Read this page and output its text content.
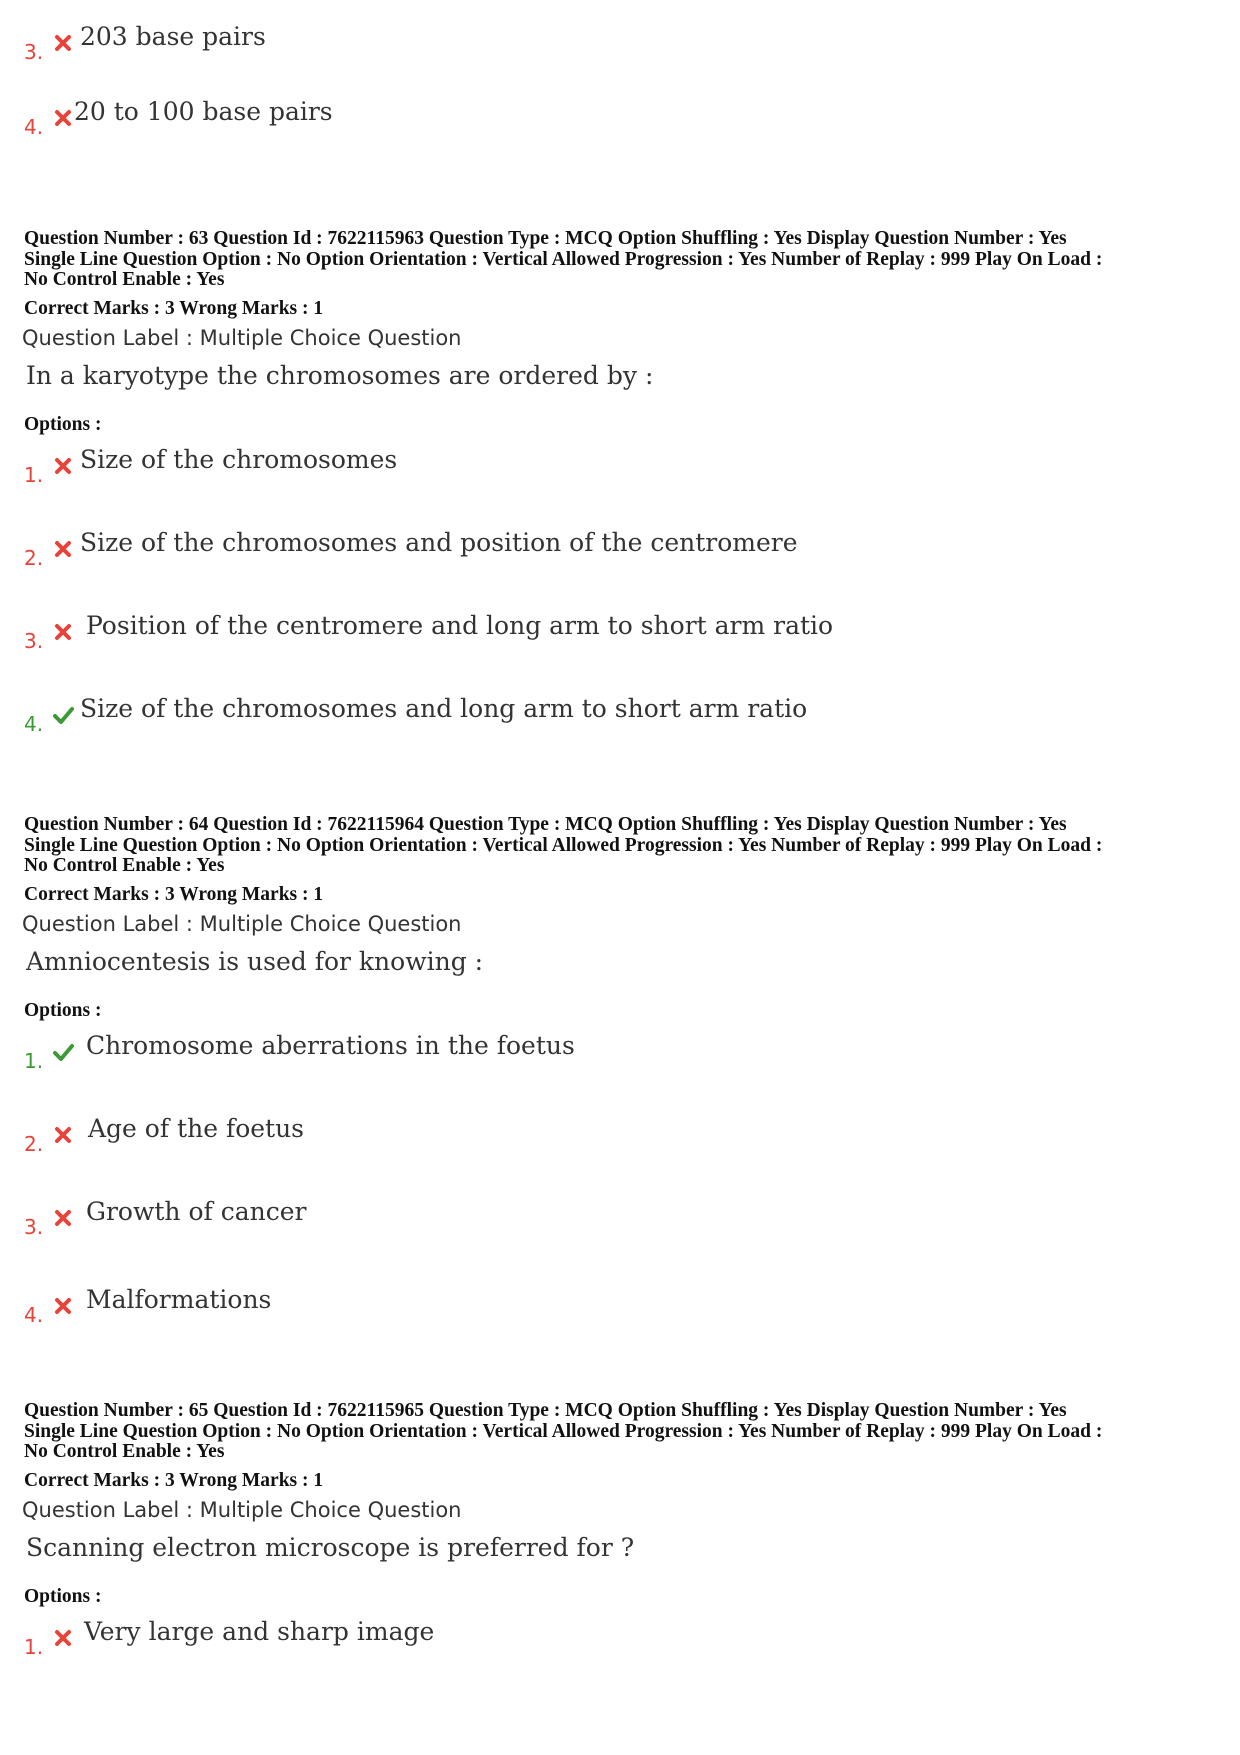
3.
203 base pairs
4.
20 to 100 base pairs
Question Number : 63 Question Id : 7622115963 Question Type : MCQ Option Shuffling : Yes Display Question Number : Yes
Single Line Question Option : No Option Orientation : Vertical Allowed Progression : Yes Number of Replay : 999 Play On Load :
No Control Enable : Yes
Correct Marks : 3 Wrong Marks : 1
Question Label : Multiple Choice Question
In a karyotype the chromosomes are ordered by :
Options :
1.
Size of the chromosomes
2.
Size of the chromosomes and position of the centromere
3.
Position of the centromere and long arm to short arm ratio
4.
Size of the chromosomes and long arm to short arm ratio
Question Number : 64 Question Id : 7622115964 Question Type : MCQ Option Shuffling : Yes Display Question Number : Yes
Single Line Question Option : No Option Orientation : Vertical Allowed Progression : Yes Number of Replay : 999 Play On Load :
No Control Enable : Yes
Correct Marks : 3 Wrong Marks : 1
Question Label : Multiple Choice Question
Amniocentesis is used for knowing :
Options :
1.
Chromosome aberrations in the foetus
2.
Age of the foetus
3.
Growth of cancer
4.
Malformations
Question Number : 65 Question Id : 7622115965 Question Type : MCQ Option Shuffling : Yes Display Question Number : Yes
Single Line Question Option : No Option Orientation : Vertical Allowed Progression : Yes Number of Replay : 999 Play On Load :
No Control Enable : Yes
Correct Marks : 3 Wrong Marks : 1
Question Label : Multiple Choice Question
Scanning electron microscope is preferred for ?
Options :
1.
Very large and sharp image
